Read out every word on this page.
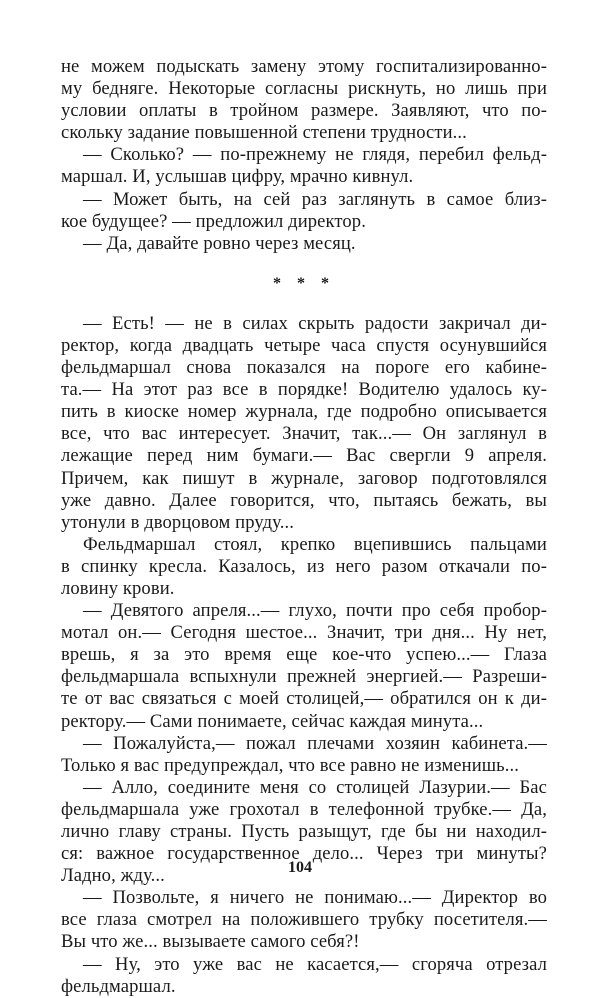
не можем подыскать замену этому госпитализированно-
му бедняге. Некоторые согласны рискнуть, но лишь при
условии оплаты в тройном размере. Заявляют, что по-
скольку задание повышенной степени трудности...
— Сколько? — по-прежнему не глядя, перебил фельд-
маршал. И, услышав цифру, мрачно кивнул.
— Может быть, на сей раз заглянуть в самое близ-
кое будущее? — предложил директор.
— Да, давайте ровно через месяц.
* * *
— Есть! — не в силах скрыть радости закричал ди-
ректор, когда двадцать четыре часа спустя осунувшийся
фельдмаршал снова показался на пороге его кабине-
та.— На этот раз все в порядке! Водителю удалось ку-
пить в киоске номер журнала, где подробно описывается
все, что вас интересует. Значит, так...— Он заглянул в
лежащие перед ним бумаги.— Вас свергли 9 апреля.
Причем, как пишут в журнале, заговор подготовлялся
уже давно. Далее говорится, что, пытаясь бежать, вы
утонули в дворцовом пруду...
Фельдмаршал стоял, крепко вцепившись пальцами
в спинку кресла. Казалось, из него разом откачали по-
ловину крови.
— Девятого апреля...— глухо, почти про себя пробор-
мотал он.— Сегодня шестое... Значит, три дня... Ну нет,
врешь, я за это время еще кое-что успею...— Глаза
фельдмаршала вспыхнули прежней энергией.— Разреши-
те от вас связаться с моей столицей,— обратился он к ди-
ректору.— Сами понимаете, сейчас каждая минута...
— Пожалуйста,— пожал плечами хозяин кабинета.—
Только я вас предупреждал, что все равно не изменишь...
— Алло, соедините меня со столицей Лазурии.— Бас
фельдмаршала уже грохотал в телефонной трубке.— Да,
лично главу страны. Пусть разыщут, где бы ни находил-
ся: важное государственное дело... Через три минуты?
Ладно, жду...
— Позвольте, я ничего не понимаю...— Директор во
все глаза смотрел на положившего трубку посетителя.—
Вы что же... вызываете самого себя?!
— Ну, это уже вас не касается,— сгоряча отрезал
фельдмаршал.
104
